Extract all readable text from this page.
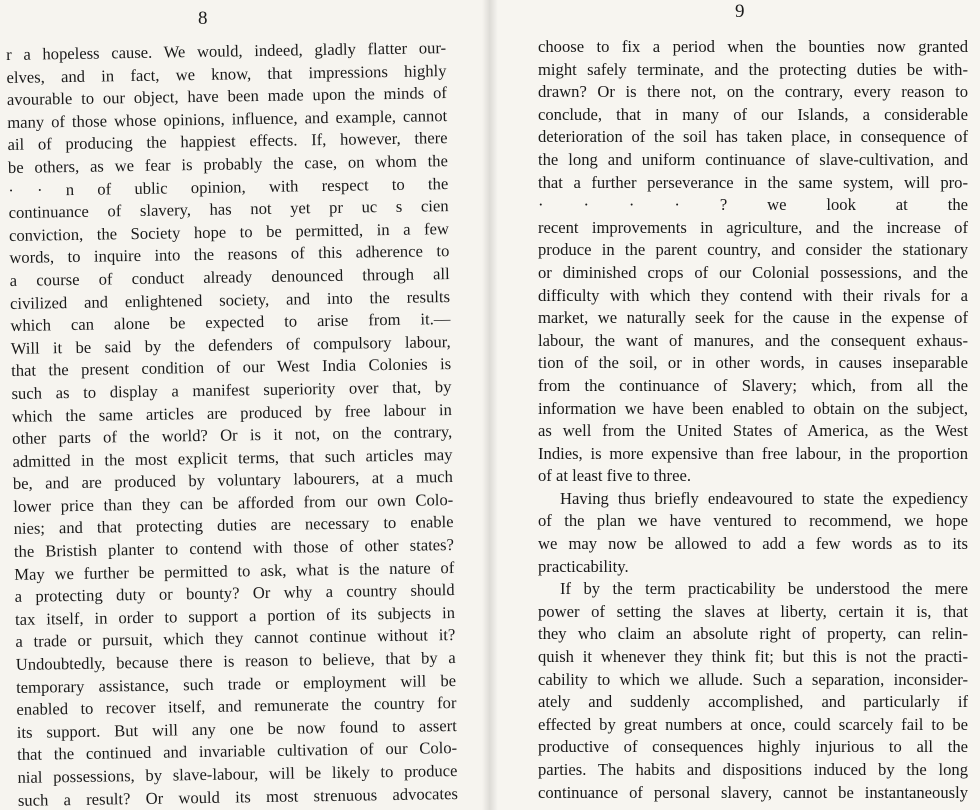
8
r a hopeless cause. We would, indeed, gladly flatter our-
elves, and in fact, we know, that impressions highly
avourable to our object, have been made upon the minds of
many of those whose opinions, influence, and example, cannot
ail of producing the happiest effects. If, however, there
be others, as we fear is probably the case, on whom the
· · n of ublic opinion, with respect to the
continuance of slavery, has not yet pr uc s cien
conviction, the Society hope to be permitted, in a few
words, to inquire into the reasons of this adherence to
a course of conduct already denounced through all
civilized and enlightened society, and into the results
which can alone be expected to arise from it.—
Will it be said by the defenders of compulsory labour,
that the present condition of our West India Colonies is
such as to display a manifest superiority over that, by
which the same articles are produced by free labour in
other parts of the world? Or is it not, on the contrary,
admitted in the most explicit terms, that such articles may
be, and are produced by voluntary labourers, at a much
lower price than they can be afforded from our own Colo-
nies; and that protecting duties are necessary to enable
the Bristish planter to contend with those of other states?
May we further be permitted to ask, what is the nature of
a protecting duty or bounty? Or why a country should
tax itself, in order to support a portion of its subjects in
a trade or pursuit, which they cannot continue without it?
Undoubtedly, because there is reason to believe, that by a
temporary assistance, such trade or employment will be
enabled to recover itself, and remunerate the country for
its support. But will any one be now found to assert
that the continued and invariable cultivation of our Colo-
nial possessions, by slave-labour, will be likely to produce
such a result? Or would its most strenuous advocates
9
choose to fix a period when the bounties now granted
might safely terminate, and the protecting duties be with-
drawn? Or is there not, on the contrary, every reason to
conclude, that in many of our Islands, a considerable
deterioration of the soil has taken place, in consequence of
the long and uniform continuance of slave-cultivation, and
that a further perseverance in the same system, will pro-
· · · · ? we look at the
recent improvements in agriculture, and the increase of
produce in the parent country, and consider the stationary
or diminished crops of our Colonial possessions, and the
difficulty with which they contend with their rivals for a
market, we naturally seek for the cause in the expense of
labour, the want of manures, and the consequent exhaus-
tion of the soil, or in other words, in causes inseparable
from the continuance of Slavery; which, from all the
information we have been enabled to obtain on the subject,
as well from the United States of America, as the West
Indies, is more expensive than free labour, in the proportion
of at least five to three.
Having thus briefly endeavoured to state the expediency
of the plan we have ventured to recommend, we hope
we may now be allowed to add a few words as to its
practicability.
If by the term practicability be understood the mere
power of setting the slaves at liberty, certain it is, that
they who claim an absolute right of property, can relin-
quish it whenever they think fit; but this is not the practi-
cability to which we allude. Such a separation, inconsider-
ately and suddenly accomplished, and particularly if
effected by great numbers at once, could scarcely fail to be
productive of consequences highly injurious to all the
parties. The habits and dispositions induced by the long
continuance of personal slavery, cannot be instantaneously
